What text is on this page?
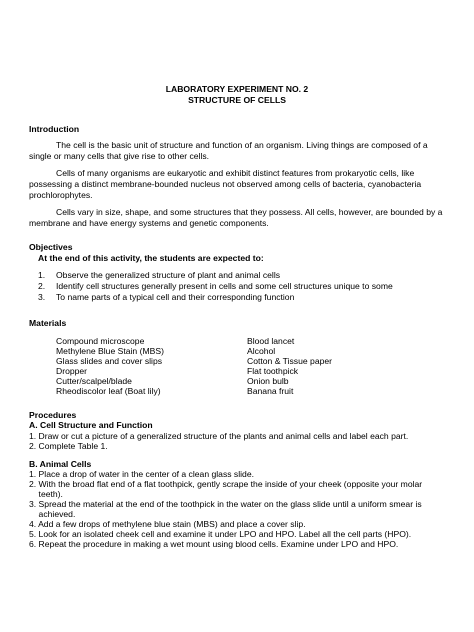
LABORATORY EXPERIMENT NO. 2
STRUCTURE OF CELLS
Introduction
The cell is the basic unit of structure and function of an organism. Living things are composed of a single or many cells that give rise to other cells.
Cells of many organisms are eukaryotic and exhibit distinct features from prokaryotic cells, like possessing a distinct membrane-bounded nucleus not observed among cells of bacteria, cyanobacteria prochlorophytes.
Cells vary in size, shape, and some structures that they possess. All cells, however, are bounded by a membrane and have energy systems and genetic components.
Objectives
At the end of this activity, the students are expected to:
1. Observe the generalized structure of plant and animal cells
2. Identify cell structures generally present in cells and some cell structures unique to some
3. To name parts of a typical cell and their corresponding function
Materials
Compound microscope
Methylene Blue Stain (MBS)
Glass slides and cover slips
Dropper
Cutter/scalpel/blade
Rheodiscolor leaf (Boat lily)
Blood lancet
Alcohol
Cotton & Tissue paper
Flat toothpick
Onion bulb
Banana fruit
Procedures
A. Cell Structure and Function
1. Draw or cut a picture of a generalized structure of the plants and animal cells and label each part.
2. Complete Table 1.
B. Animal Cells
1. Place a drop of water in the center of a clean glass slide.
2. With the broad flat end of a flat toothpick, gently scrape the inside of your cheek (opposite your molar
teeth).
3. Spread the material at the end of the toothpick in the water on the glass slide until a uniform smear is
achieved.
4. Add a few drops of methylene blue stain (MBS) and place a cover slip.
5. Look for an isolated cheek cell and examine it under LPO and HPO. Label all the cell parts (HPO).
6. Repeat the procedure in making a wet mount using blood cells. Examine under LPO and HPO.
